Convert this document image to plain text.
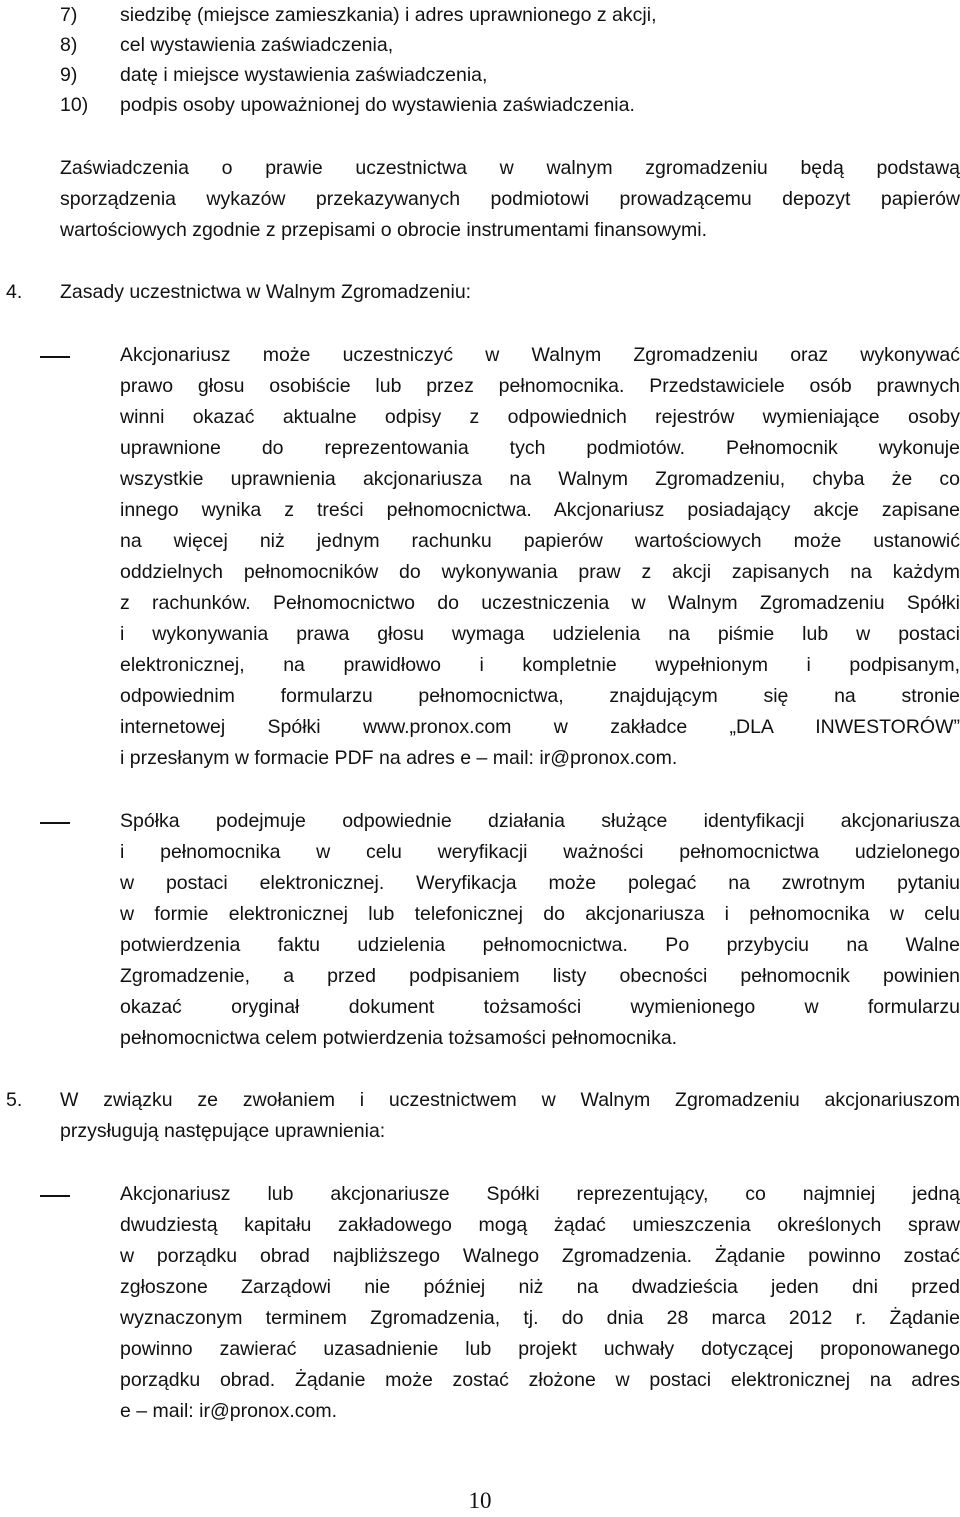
7) siedzibę (miejsce zamieszkania) i adres uprawnionego z akcji,
8) cel wystawienia zaświadczenia,
9) datę i miejsce wystawienia zaświadczenia,
10) podpis osoby upoważnionej do wystawienia zaświadczenia.
Zaświadczenia o prawie uczestnictwa w walnym zgromadzeniu będą podstawą
sporządzenia wykazów przekazywanych podmiotowi prowadzącemu depozyt papierów
wartościowych zgodnie z przepisami o obrocie instrumentami finansowymi.
4. Zasady uczestnictwa w Walnym Zgromadzeniu:
Akcjonariusz może uczestniczyć w Walnym Zgromadzeniu oraz wykonywać
prawo głosu osobiście lub przez pełnomocnika. Przedstawiciele osób prawnych
winni okazać aktualne odpisy z odpowiednich rejestrów wymieniające osoby
uprawnione do reprezentowania tych podmiotów. Pełnomocnik wykonuje
wszystkie uprawnienia akcjonariusza na Walnym Zgromadzeniu, chyba że co
innego wynika z treści pełnomocnictwa. Akcjonariusz posiadający akcje zapisane
na więcej niż jednym rachunku papierów wartościowych może ustanowić
oddzielnych pełnomocników do wykonywania praw z akcji zapisanych na każdym
z rachunków. Pełnomocnictwo do uczestniczenia w Walnym Zgromadzeniu Spółki
i wykonywania prawa głosu wymaga udzielenia na piśmie lub w postaci
elektronicznej, na prawidłowo i kompletnie wypełnionym i podpisanym,
odpowiednim formularzu pełnomocnictwa, znajdującym się na stronie
internetowej Spółki www.pronox.com w zakładce „DLA INWESTORÓW”
i przesłanym w formacie PDF na adres e – mail: ir@pronox.com.
Spółka podejmuje odpowiednie działania służące identyfikacji akcjonariusza
i pełnomocnika w celu weryfikacji ważności pełnomocnictwa udzielonego
w postaci elektronicznej. Weryfikacja może polegać na zwrotnym pytaniu
w formie elektronicznej lub telefonicznej do akcjonariusza i pełnomocnika w celu
potwierdzenia faktu udzielenia pełnomocnictwa. Po przybyciu na Walne
Zgromadzenie, a przed podpisaniem listy obecności pełnomocnik powinien
okazać oryginał dokument tożsamości wymienionego w formularzu
pełnomocnictwa celem potwierdzenia tożsamości pełnomocnika.
5. W związku ze zwołaniem i uczestnictwem w Walnym Zgromadzeniu akcjonariuszom
przysługują następujące uprawnienia:
Akcjonariusz lub akcjonariusze Spółki reprezentujący, co najmniej jedną
dwudziestą kapitału zakładowego mogą żądać umieszczenia określonych spraw
w porządku obrad najbliższego Walnego Zgromadzenia. Żądanie powinno zostać
zgłoszone Zarządowi nie później niż na dwadzieścia jeden dni przed
wyznaczonym terminem Zgromadzenia, tj. do dnia 28 marca 2012 r. Żądanie
powinno zawierać uzasadnienie lub projekt uchwały dotyczącej proponowanego
porządku obrad. Żądanie może zostać złożone w postaci elektronicznej na adres
e – mail: ir@pronox.com.
10
